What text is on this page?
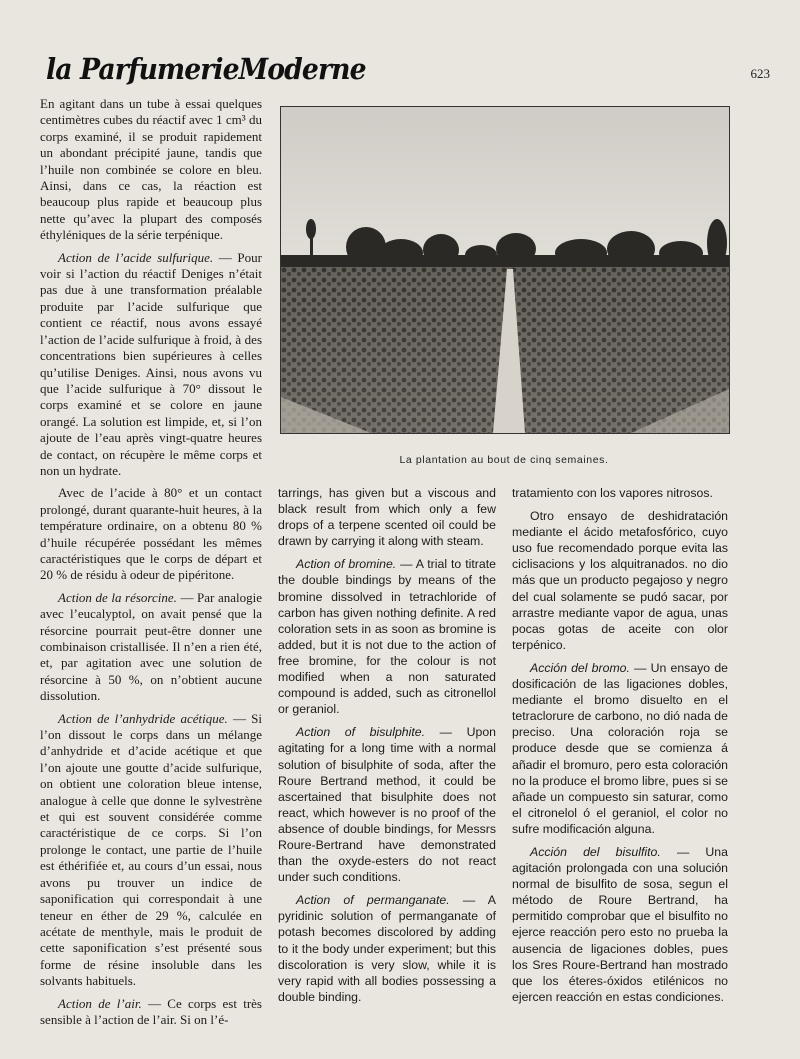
la ParfumerieModerne	623
La plantation au bout de cinq semaines.

En agitant dans un tube à essai quelques centimètres cubes du réactif avec 1 cm³ du corps examiné, il se produit rapidement un abondant précipité jaune, tandis que l’huile non combinée se colore en bleu. Ainsi, dans ce cas, la réaction est beaucoup plus rapide et beaucoup plus nette qu’avec la plupart des composés éthyléniques de la série terpénique.

Action de l’acide sulfurique. — Pour voir si l’action du réactif Deniges n’était pas due à une transformation préalable produite par l’acide sulfurique que contient ce réactif, nous avons essayé l’action de l’acide sulfurique à froid, à des concentrations bien supérieures à celles qu’utilise Deniges. Ainsi, nous avons vu que l’acide sulfurique à 70° dissout le corps examiné et se colore en jaune orangé. La solution est limpide, et, si l’on ajoute de l’eau après vingt-quatre heures de contact, on récupère le même corps et non un hydrate.

Avec de l’acide à 80° et un contact prolongé, durant quarante-huit heures, à la température ordinaire, on a obtenu 80 % d’huile récupérée possédant les mêmes caractéristiques que le corps de départ et 20 % de résidu à odeur de pipéritone.

Action de la résorcine. — Par analogie avec l’eucalyptol, on avait pensé que la résorcine pourrait peut-être donner une combinaison cristallisée. Il n’en a rien été, et, par agitation avec une solution de résorcine à 50 %, on n’obtient aucune dissolution.

Action de l’anhydride acétique. — Si l’on dissout le corps dans un mélange d’anhydride et d’acide acétique et que l’on ajoute une goutte d’acide sulfurique, on obtient une coloration bleue intense, analogue à celle que donne le sylvestrène et qui est souvent considérée comme caractéristique de ce corps. Si l’on prolonge le contact, une partie de l’huile est éthérifiée et, au cours d’un essai, nous avons pu trouver un indice de saponification qui correspondait à une teneur en éther de 29 %, calculée en acétate de menthyle, mais le produit de cette saponification s’est présenté sous forme de résine insoluble dans les solvants habituels.

Action de l’air. — Ce corps est très sensible à l’action de l’air. Si on l’é-

tarrings, has given but a viscous and black result from which only a few drops of a terpene scented oil could be drawn by carrying it along with steam.

Action of bromine. — A trial to titrate the double bindings by means of the bromine dissolved in tetrachloride of carbon has given nothing definite. A red coloration sets in as soon as bromine is added, but it is not due to the action of free bromine, for the colour is not modified when a non saturated compound is added, such as citronellol or geraniol.

Action of bisulphite. — Upon agitating for a long time with a normal solution of bisulphite of soda, after the Roure Bertrand method, it could be ascertained that bisulphite does not react, which however is no proof of the absence of double bindings, for Messrs Roure-Bertrand have demonstrated than the oxyde-esters do not react under such conditions.

Action of permanganate. — A pyridinic solution of permanganate of potash becomes discolored by adding to it the body under experiment; but this discoloration is very slow, while it is very rapid with all bodies possessing a double binding.

tratamiento con los vapores nitrosos.

Otro ensayo de deshidratación mediante el ácido metafosfórico, cuyo uso fue recomendado porque evita las ciclisacions y los alquitranados. no dio más que un producto pegajoso y negro del cual solamente se pudó sacar, por arrastre mediante vapor de agua, unas pocas gotas de aceite con olor terpénico.

Acción del bromo. — Un ensayo de dosificación de las ligaciones dobles, mediante el bromo disuelto en el tetraclorure de carbono, no dió nada de preciso. Una coloración roja se produce desde que se comienza á añadir el bromuro, pero esta coloración no la produce el bromo libre, pues si se añade un compuesto sin saturar, como el citronelol ó el geraniol, el color no sufre modificación alguna.

Acción del bisulfito. — Una agitación prolongada con una solución normal de bisulfito de sosa, segun el método de Roure Bertrand, ha permitido comprobar que el bisulfito no ejerce reacción pero esto no prueba la ausencia de ligaciones dobles, pues los Sres Roure-Bertrand han mostrado que los éteres-óxidos etilénicos no ejercen reacción en estas condiciones.
